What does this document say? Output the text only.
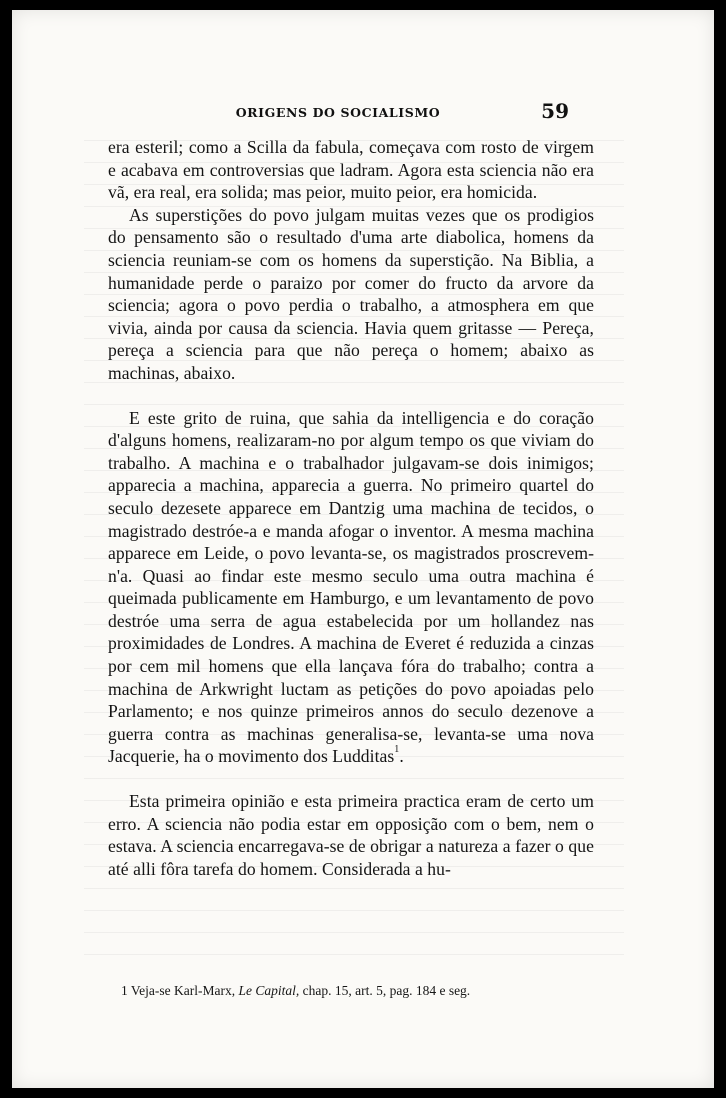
ORIGENS DO SOCIALISMO	59

era esteril; como a Scilla da fabula, começava com rosto de virgem e acabava em controversias que ladram. Agora esta sciencia não era vã, era real, era solida; mas peior, muito peior, era homicida.

As superstições do povo julgam muitas vezes que os prodigios do pensamento são o resultado d'uma arte diabolica, homens da sciencia reuniam-se com os homens da superstição. Na Biblia, a humanidade perde o paraizo por comer do fructo da arvore da sciencia; agora o povo perdia o trabalho, a atmosphera em que vivia, ainda por causa da sciencia. Havia quem gritasse — Pereça, pereça a sciencia para que não pereça o homem; abaixo as machinas, abaixo.

E este grito de ruina, que sahia da intelligencia e do coração d'alguns homens, realizaram-no por algum tempo os que viviam do trabalho. A machina e o trabalhador julgavam-se dois inimigos; apparecia a machina, apparecia a guerra. No primeiro quartel do seculo dezesete apparece em Dantzig uma machina de tecidos, o magistrado destróe-a e manda afogar o inventor. A mesma machina apparece em Leide, o povo levanta-se, os magistrados proscrevem-n'a. Quasi ao findar este mesmo seculo uma outra machina é queimada publicamente em Hamburgo, e um levantamento de povo destróe uma serra de agua estabelecida por um hollandez nas proximidades de Londres. A machina de Everet é reduzida a cinzas por cem mil homens que ella lançava fóra do trabalho; contra a machina de Arkwright luctam as petições do povo apoiadas pelo Parlamento; e nos quinze primeiros annos do seculo dezenove a guerra contra as machinas generalisa-se, levanta-se uma nova Jacquerie, ha o movimento dos Ludditas$^1$.

Esta primeira opinião e esta primeira practica eram de certo um erro. A sciencia não podia estar em opposição com o bem, nem o estava. A sciencia encarregava-se de obrigar a natureza a fazer o que até alli fôra tarefa do homem. Considerada a hu-

1 Veja-se Karl-Marx, Le Capital, chap. 15, art. 5, pag. 184 e seg.
